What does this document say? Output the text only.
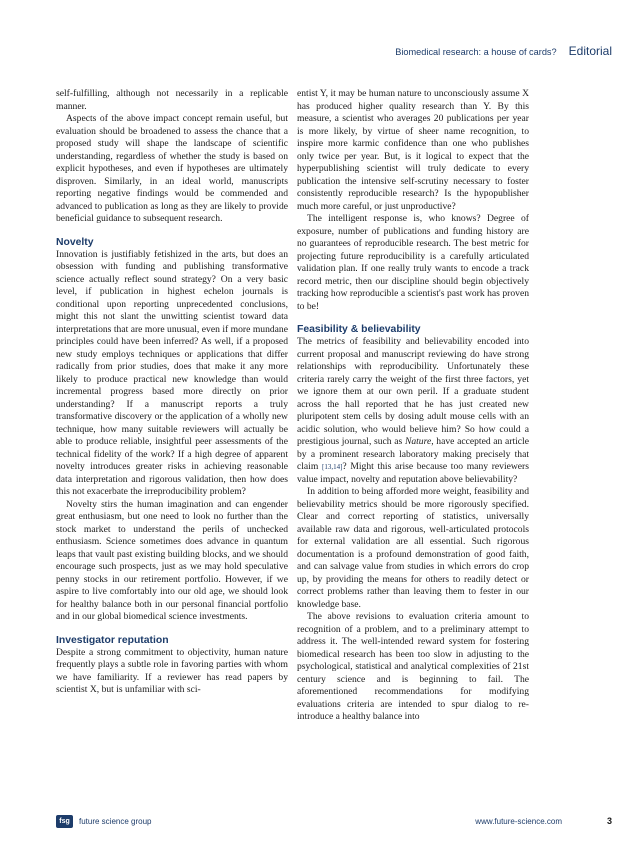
Biomedical research: a house of cards? Editorial

self-fulfilling, although not necessarily in a replicable manner.

Aspects of the above impact concept remain useful, but evaluation should be broadened to assess the chance that a proposed study will shape the landscape of scientific understanding, regardless of whether the study is based on explicit hypotheses, and even if hypotheses are ultimately disproven. Similarly, in an ideal world, manuscripts reporting negative findings would be commended and advanced to publication as long as they are likely to provide beneficial guidance to subsequent research.

Novelty

Innovation is justifiably fetishized in the arts, but does an obsession with funding and publishing transformative science actually reflect sound strategy? On a very basic level, if publication in highest echelon journals is conditional upon reporting unprecedented conclusions, might this not slant the unwitting scientist toward data interpretations that are more unusual, even if more mundane principles could have been inferred? As well, if a proposed new study employs techniques or applications that differ radically from prior studies, does that make it any more likely to produce practical new knowledge than would incremental progress based more directly on prior understanding? If a manuscript reports a truly transformative discovery or the application of a wholly new technique, how many suitable reviewers will actually be able to produce reliable, insightful peer assessments of the technical fidelity of the work? If a high degree of apparent novelty introduces greater risks in achieving reasonable data interpretation and rigorous validation, then how does this not exacerbate the irreproducibility problem?

Novelty stirs the human imagination and can engender great enthusiasm, but one need to look no further than the stock market to understand the perils of unchecked enthusiasm. Science sometimes does advance in quantum leaps that vault past existing building blocks, and we should encourage such prospects, just as we may hold speculative penny stocks in our retirement portfolio. However, if we aspire to live comfortably into our old age, we should look for healthy balance both in our personal financial portfolio and in our global biomedical science investments.

Investigator reputation

Despite a strong commitment to objectivity, human nature frequently plays a subtle role in favoring parties with whom we have familiarity. If a reviewer has read papers by scientist X, but is unfamiliar with sci-

entist Y, it may be human nature to unconsciously assume X has produced higher quality research than Y. By this measure, a scientist who averages 20 publications per year is more likely, by virtue of sheer name recognition, to inspire more karmic confidence than one who publishes only twice per year. But, is it logical to expect that the hyperpublishing scientist will truly dedicate to every publication the intensive self-scrutiny necessary to foster consistently reproducible research? Is the hypopublisher much more careful, or just unproductive?

The intelligent response is, who knows? Degree of exposure, number of publications and funding history are no guarantees of reproducible research. The best metric for projecting future reproducibility is a carefully articulated validation plan. If one really truly wants to encode a track record metric, then our discipline should begin objectively tracking how reproducible a scientist's past work has proven to be!

Feasibility & believability

The metrics of feasibility and believability encoded into current proposal and manuscript reviewing do have strong relationships with reproducibility. Unfortunately these criteria rarely carry the weight of the first three factors, yet we ignore them at our own peril. If a graduate student across the hall reported that he has just created new pluripotent stem cells by dosing adult mouse cells with an acidic solution, who would believe him? So how could a prestigious journal, such as Nature, have accepted an article by a prominent research laboratory making precisely that claim [13,14]? Might this arise because too many reviewers value impact, novelty and reputation above believability?

In addition to being afforded more weight, feasibility and believability metrics should be more rigorously specified. Clear and correct reporting of statistics, universally available raw data and rigorous, well-articulated protocols for external validation are all essential. Such rigorous documentation is a profound demonstration of good faith, and can salvage value from studies in which errors do crop up, by providing the means for others to readily detect or correct problems rather than leaving them to fester in our knowledge base.

The above revisions to evaluation criteria amount to recognition of a problem, and to a preliminary attempt to address it. The well-intended reward system for fostering biomedical research has been too slow in adjusting to the psychological, statistical and analytical complexities of 21st century science and is beginning to fail. The aforementioned recommendations for modifying evaluations criteria are intended to spur dialog to re-introduce a healthy balance into

fsg	future science group	www.future-science.com	3
